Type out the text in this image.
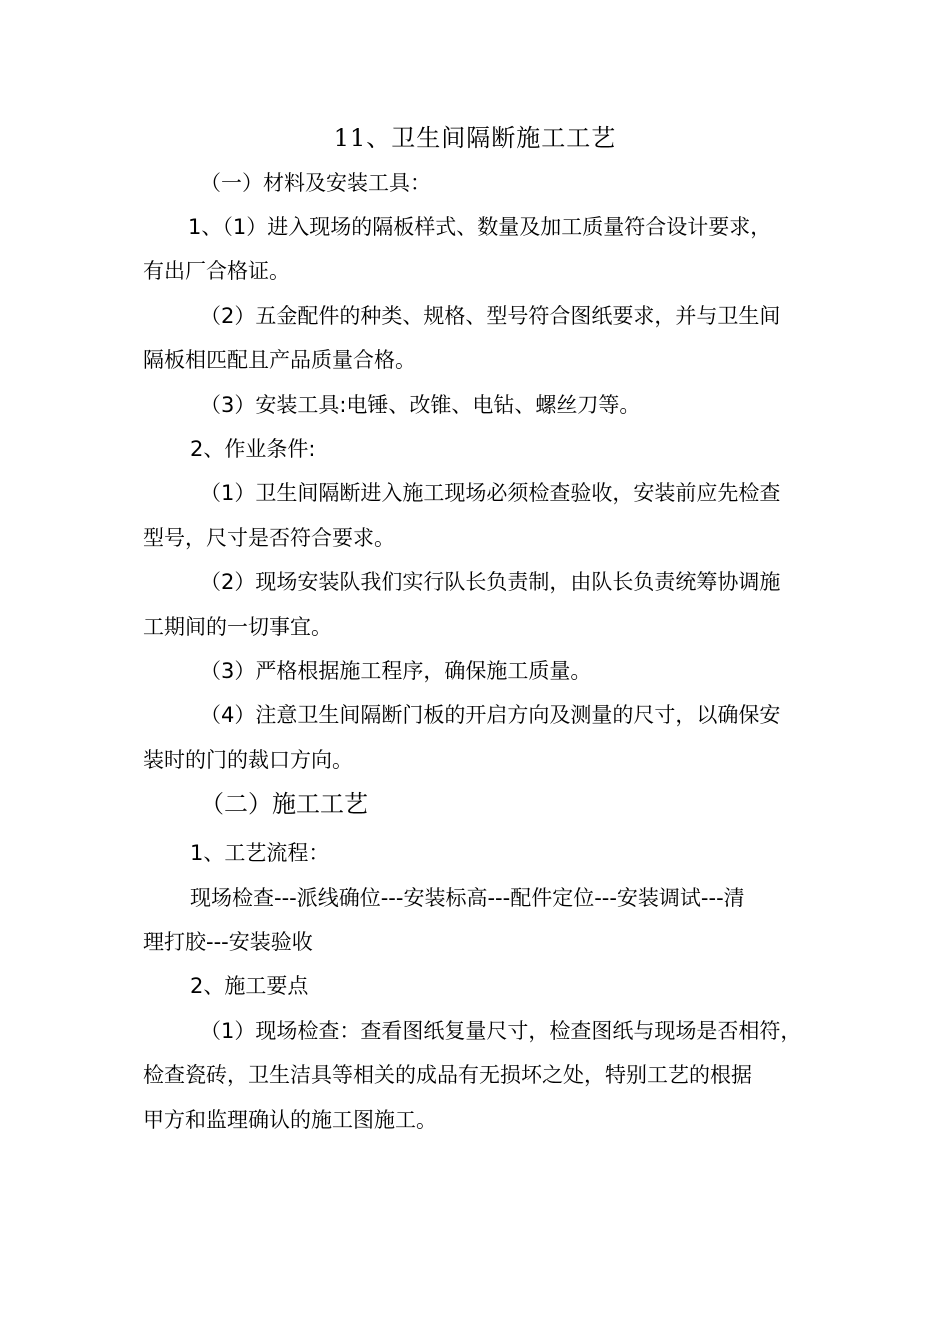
11、卫生间隔断施工工艺
（一）材料及安装工具：
1、（1）进入现场的隔板样式、数量及加工质量符合设计要求，
有出厂合格证。
（2）五金配件的种类、规格、型号符合图纸要求，并与卫生间
隔板相匹配且产品质量合格。
（3）安装工具:电锤、改锥、电钻、螺丝刀等。
2、作业条件:
（1）卫生间隔断进入施工现场必须检查验收，安装前应先检查
型号，尺寸是否符合要求。
（2）现场安装队我们实行队长负责制，由队长负责统筹协调施
工期间的一切事宜。
（3）严格根据施工程序，确保施工质量。
（4）注意卫生间隔断门板的开启方向及测量的尺寸，以确保安
装时的门的裁口方向。
（二）施工工艺
1、工艺流程：
现场检查---派线确位---安装标高---配件定位---安装调试---清
理打胶---安装验收
2、施工要点
（1）现场检查：查看图纸复量尺寸，检查图纸与现场是否相符，
检查瓷砖，卫生洁具等相关的成品有无损坏之处，特别工艺的根据
甲方和监理确认的施工图施工。
